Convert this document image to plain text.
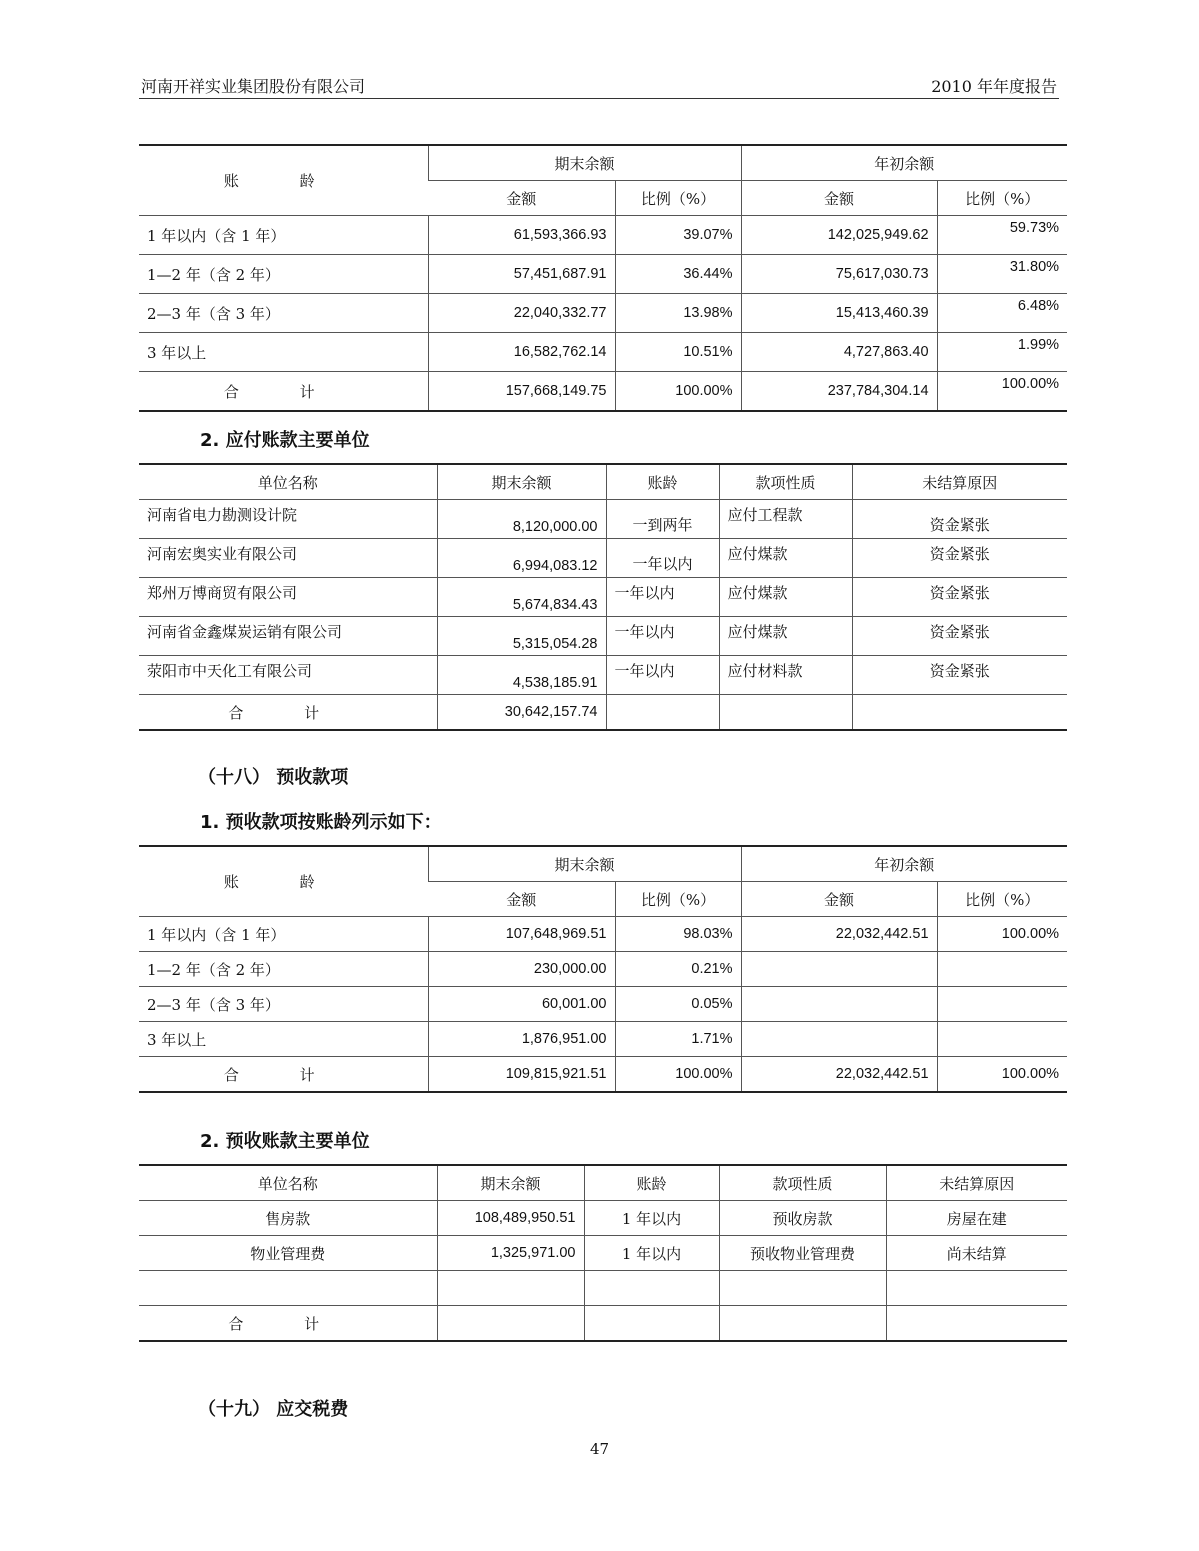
河南开祥实业集团股份有限公司	2010 年年度报告
账 龄	期末余额		年初余额	
	金额	比例（%）	金额	比例（%）
1 年以内（含 1 年）	61,593,366.93	39.07%	142,025,949.62	59.73%
1—2 年（含 2 年）	57,451,687.91	36.44%	75,617,030.73	31.80%
2—3 年（含 3 年）	22,040,332.77	13.98%	15,413,460.39	6.48%
3 年以上	16,582,762.14	10.51%	4,727,863.40	1.99%
合 计	157,668,149.75	100.00%	237,784,304.14	100.00%
2. 应付账款主要单位
单位名称	期末余额	账龄	款项性质	未结算原因
河南省电力勘测设计院	8,120,000.00	一到两年	应付工程款	资金紧张
河南宏奥实业有限公司	6,994,083.12	一年以内	应付煤款	资金紧张
郑州万博商贸有限公司	5,674,834.43	一年以内	应付煤款	资金紧张
河南省金鑫煤炭运销有限公司	5,315,054.28	一年以内	应付煤款	资金紧张
荥阳市中天化工有限公司	4,538,185.91	一年以内	应付材料款	资金紧张
合 计	30,642,157.74			
（十八） 预收款项
1. 预收款项按账龄列示如下：
账 龄	期末余额		年初余额	
	金额	比例（%）	金额	比例（%）
1 年以内（含 1 年）	107,648,969.51	98.03%	22,032,442.51	100.00%
1—2 年（含 2 年）	230,000.00	0.21%		
2—3 年（含 3 年）	60,001.00	0.05%		
3 年以上	1,876,951.00	1.71%		
合 计	109,815,921.51	100.00%	22,032,442.51	100.00%
2. 预收账款主要单位
单位名称	期末余额	账龄	款项性质	未结算原因
售房款	108,489,950.51	1 年以内	预收房款	房屋在建
物业管理费	1,325,971.00	1 年以内	预收物业管理费	尚未结算

合 计				
（十九） 应交税费
47
